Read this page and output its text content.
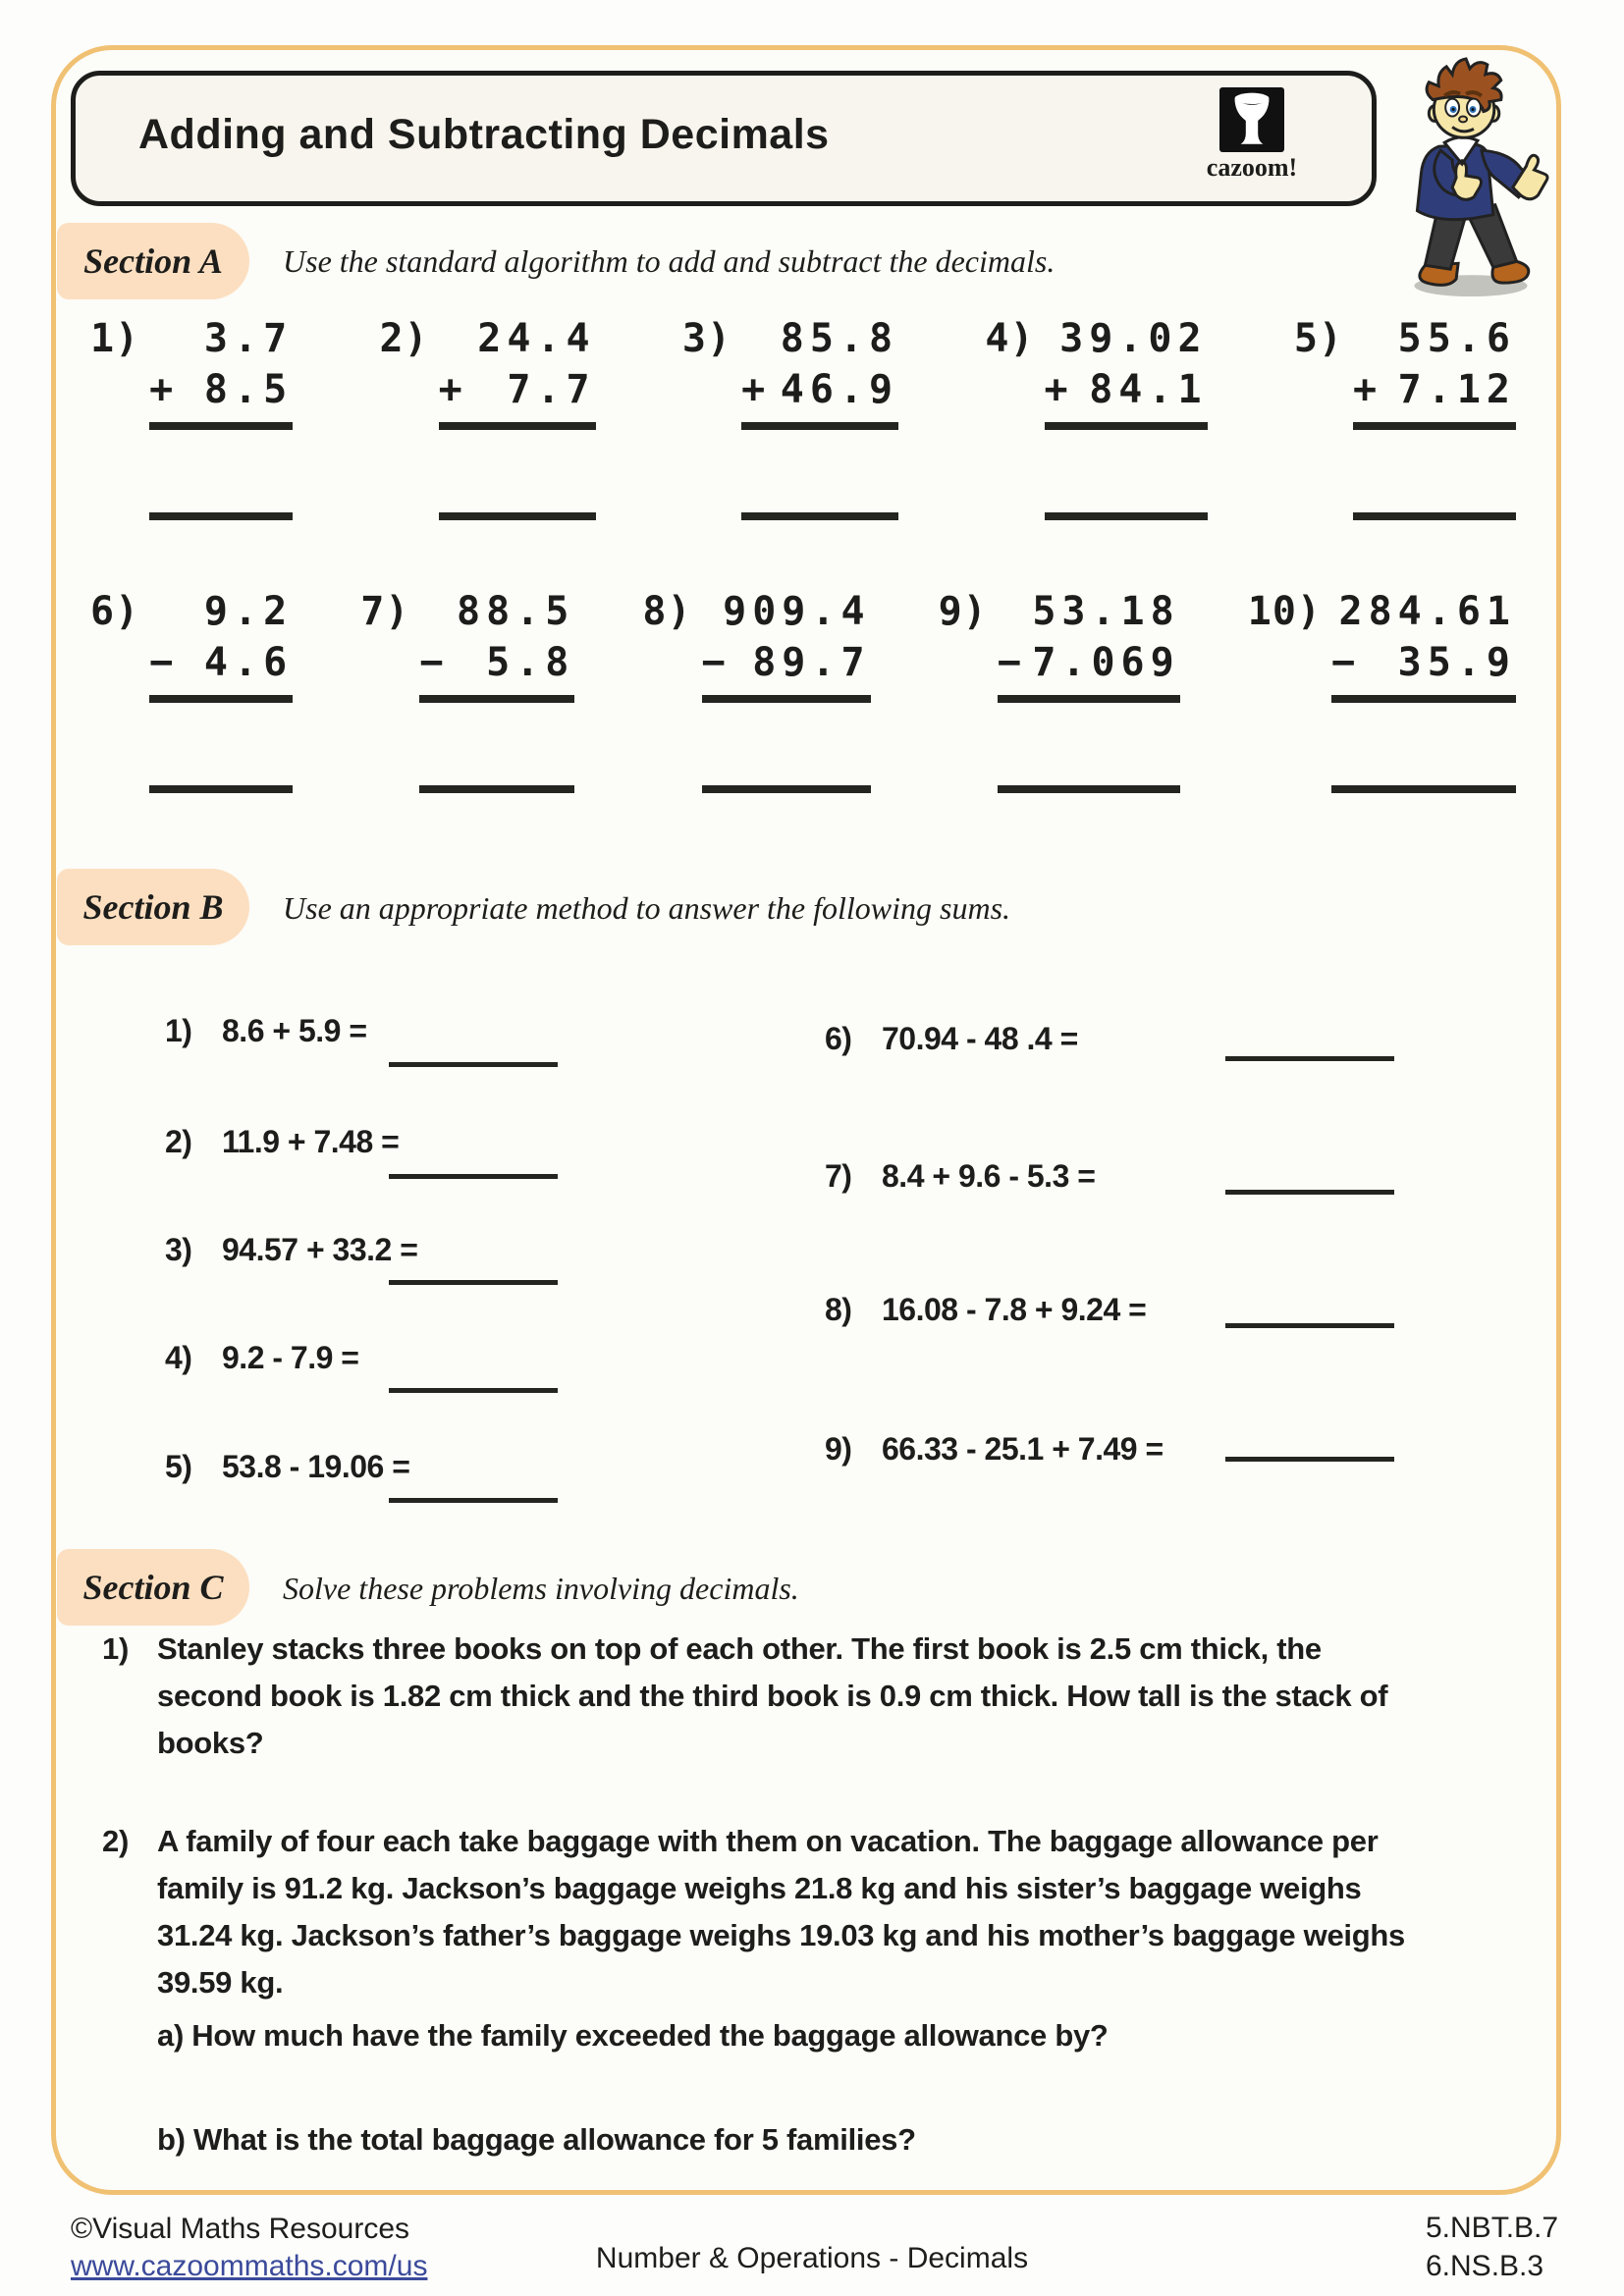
Adding and Subtracting Decimals
cazoom!
Section A Use the standard algorithm to add and subtract the decimals.
1)	3.7
+ 8.5
2)	24.4
+ 7.7
3)	85.8
+ 46.9
4) 39.02
+ 84.1
5)	55.6
+ 7.12
6)	9.2
− 4.6
7)	88.5
− 5.8
8) 909.4
− 89.7
9)	53.18
− 7.069
10) 284.61
− 35.9
Section B Use an appropriate method to answer the following sums.
1) 8.6 + 5.9 =
2) 11.9 + 7.48 =
3) 94.57 + 33.2 =
4) 9.2 - 7.9 =
5) 53.8 - 19.06 =
6) 70.94 - 48 .4 =
7) 8.4 + 9.6 - 5.3 =
8) 16.08 - 7.8 + 9.24 =
9) 66.33 - 25.1 + 7.49 =
Section C Solve these problems involving decimals.
1) Stanley stacks three books on top of each other. The first book is 2.5 cm thick, the second book is 1.82 cm thick and the third book is 0.9 cm thick. How tall is the stack of books?
2) A family of four each take baggage with them on vacation. The baggage allowance per family is 91.2 kg. Jackson’s baggage weighs 21.8 kg and his sister’s baggage weighs 31.24 kg. Jackson’s father’s baggage weighs 19.03 kg and his mother’s baggage weighs 39.59 kg.
a) How much have the family exceeded the baggage allowance by?
b) What is the total baggage allowance for 5 families?
©Visual Maths Resources
www.cazoommaths.com/us	Number & Operations - Decimals
5.NBT.B.7
6.NS.B.3
